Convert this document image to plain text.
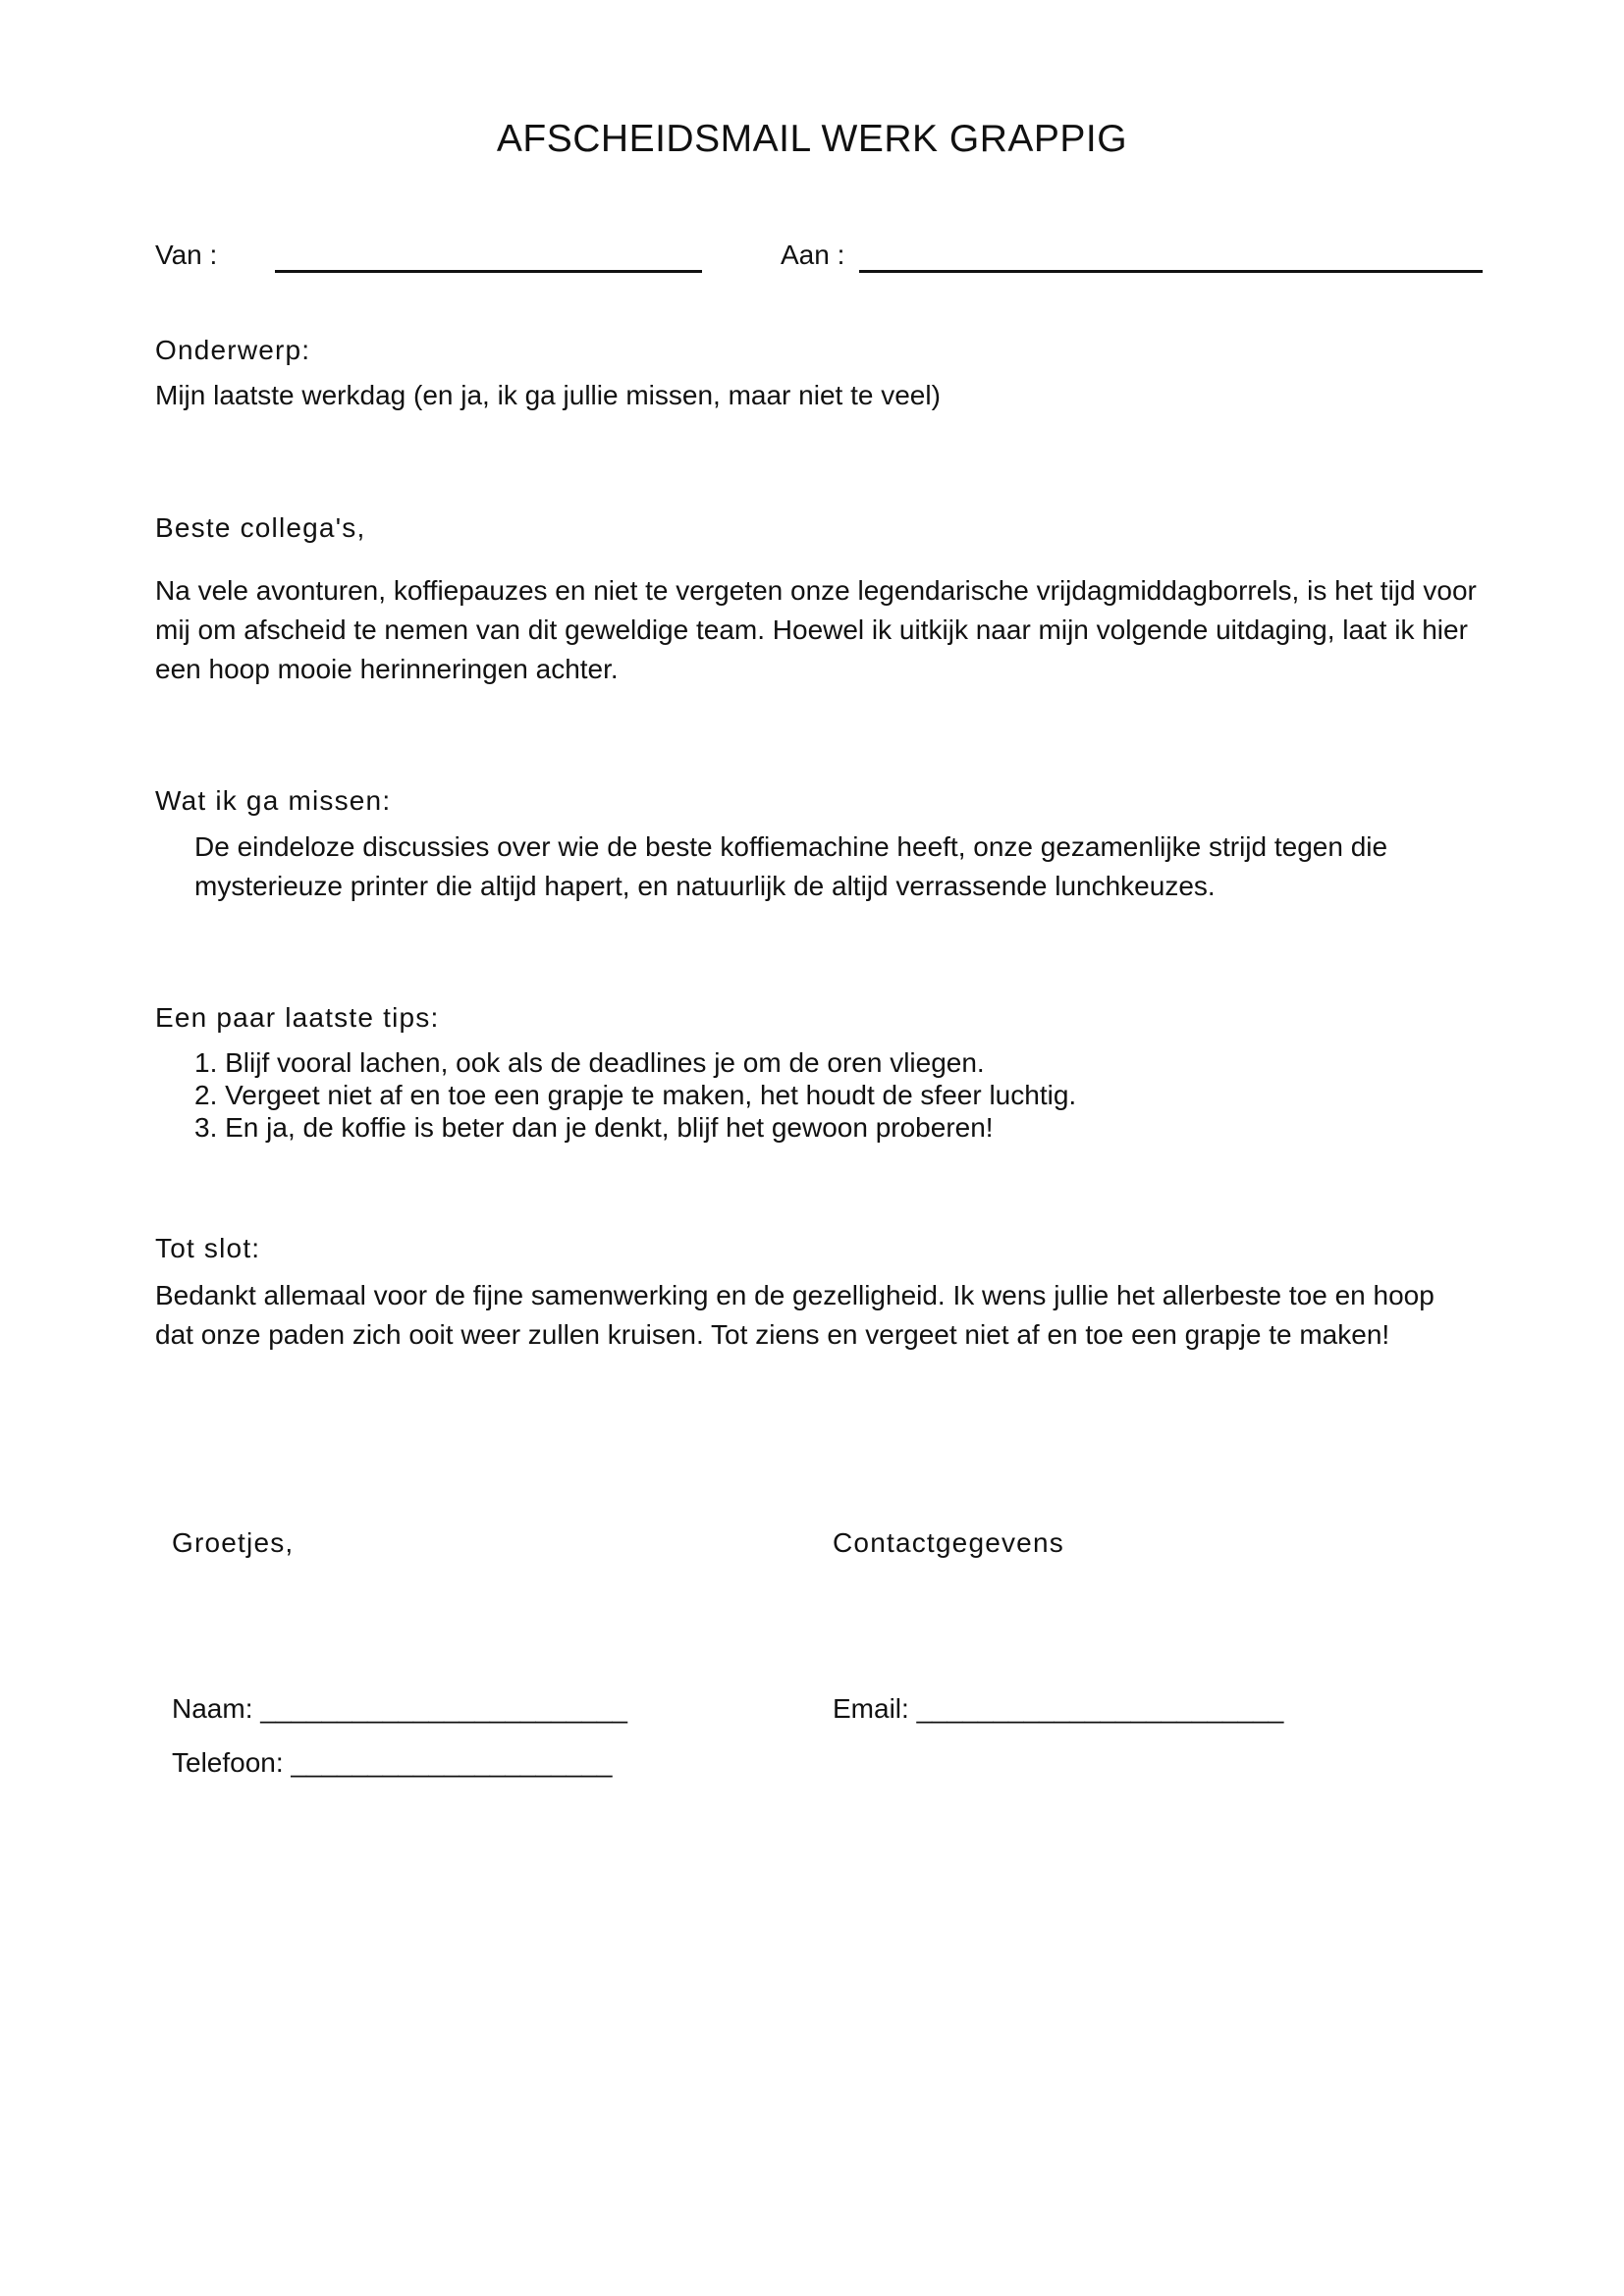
AFSCHEIDSMAIL WERK GRAPPIG
Van :	Aan :
Onderwerp:
Mijn laatste werkdag (en ja, ik ga jullie missen, maar niet te veel)
Beste collega's,
Na vele avonturen, koffiepauzes en niet te vergeten onze legendarische vrijdagmiddagborrels, is het tijd voor
mij om afscheid te nemen van dit geweldige team. Hoewel ik uitkijk naar mijn volgende uitdaging, laat ik hier
een hoop mooie herinneringen achter.
Wat ik ga missen:
De eindeloze discussies over wie de beste koffiemachine heeft, onze gezamenlijke strijd tegen die
mysterieuze printer die altijd hapert, en natuurlijk de altijd verrassende lunchkeuzes.
Een paar laatste tips:
1. Blijf vooral lachen, ook als de deadlines je om de oren vliegen.
2. Vergeet niet af en toe een grapje te maken, het houdt de sfeer luchtig.
3. En ja, de koffie is beter dan je denkt, blijf het gewoon proberen!
Tot slot:
Bedankt allemaal voor de fijne samenwerking en de gezelligheid. Ik wens jullie het allerbeste toe en hoop
dat onze paden zich ooit weer zullen kruisen. Tot ziens en vergeet niet af en toe een grapje te maken!
Groetjes,	Contactgegevens
Naam: ________________________	Email: ________________________
Telefoon: _____________________
